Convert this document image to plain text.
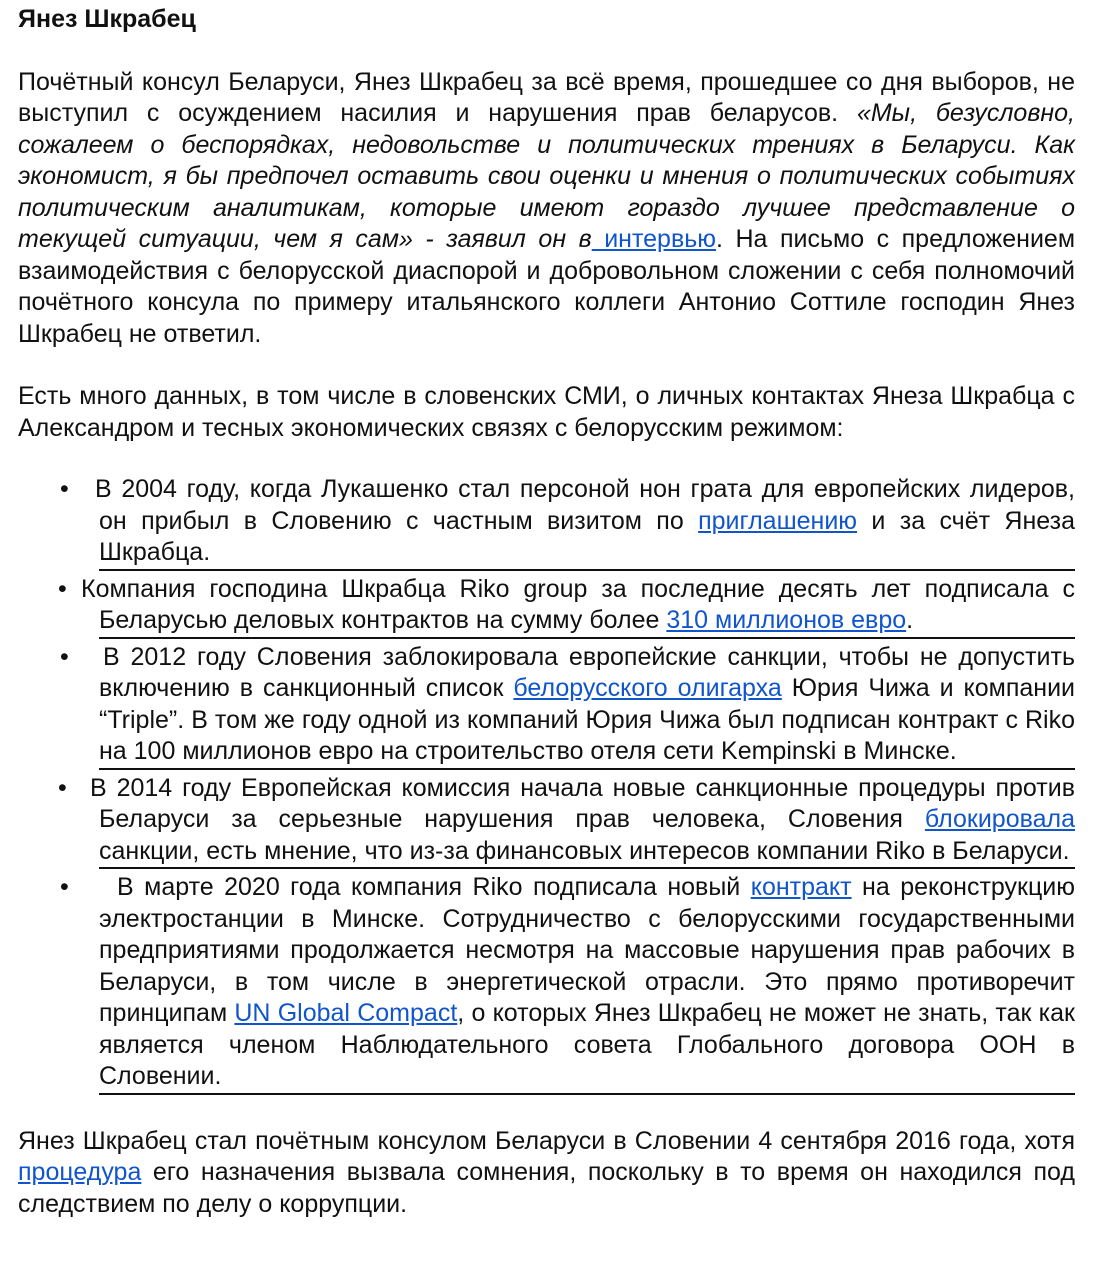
Янез Шкрабец

Почётный консул Беларуси, Янез Шкрабец за всё время, прошедшее со дня выборов, не выступил с осуждением насилия и нарушения прав беларусов. «Мы, безусловно, сожалеем о беспорядках, недовольстве и политических трениях в Беларуси. Как экономист, я бы предпочел оставить свои оценки и мнения о политических событиях политическим аналитикам, которые имеют гораздо лучшее представление о текущей ситуации, чем я сам» - заявил он в интервью. На письмо с предложением взаимодействия с белорусской диаспорой и добровольном сложении с себя полномочий почётного консула по примеру итальянского коллеги Антонио Соттиле господин Янез Шкрабец не ответил.

Есть много данных, в том числе в словенских СМИ, о личных контактах Янеза Шкрабца с Александром и тесных экономических связях с белорусским режимом:

• В 2004 году, когда Лукашенко стал персоной нон грата для европейских лидеров, он прибыл в Словению с частным визитом по приглашению и за счёт Янеза Шкрабца.
• Компания господина Шкрабца Riko group за последние десять лет подписала с Беларусью деловых контрактов на сумму более 310 миллионов евро.
• В 2012 году Словения заблокировала европейские санкции, чтобы не допустить включению в санкционный список белорусского олигарха Юрия Чижа и компании “Triple”. В том же году одной из компаний Юрия Чижа был подписан контракт с Riko на 100 миллионов евро на строительство отеля сети Kempinski в Минске.
• В 2014 году Европейская комиссия начала новые санкционные процедуры против Беларуси за серьезные нарушения прав человека, Словения блокировала санкции, есть мнение, что из-за финансовых интересов компании Riko в Беларуси.
•	В марте 2020 года компания Riko подписала новый контракт на реконструкцию электростанции в Минске. Сотрудничество с белорусскими государственными предприятиями продолжается несмотря на массовые нарушения прав рабочих в Беларуси, в том числе в энергетической отрасли. Это прямо противоречит принципам UN Global Compact, о которых Янез Шкрабец не может не знать, так как является членом Наблюдательного совета Глобального договора ООН в Словении.

Янез Шкрабец стал почётным консулом Беларуси в Словении 4 сентября 2016 года, хотя процедура его назначения вызвала сомнения, поскольку в то время он находился под следствием по делу о коррупции.
